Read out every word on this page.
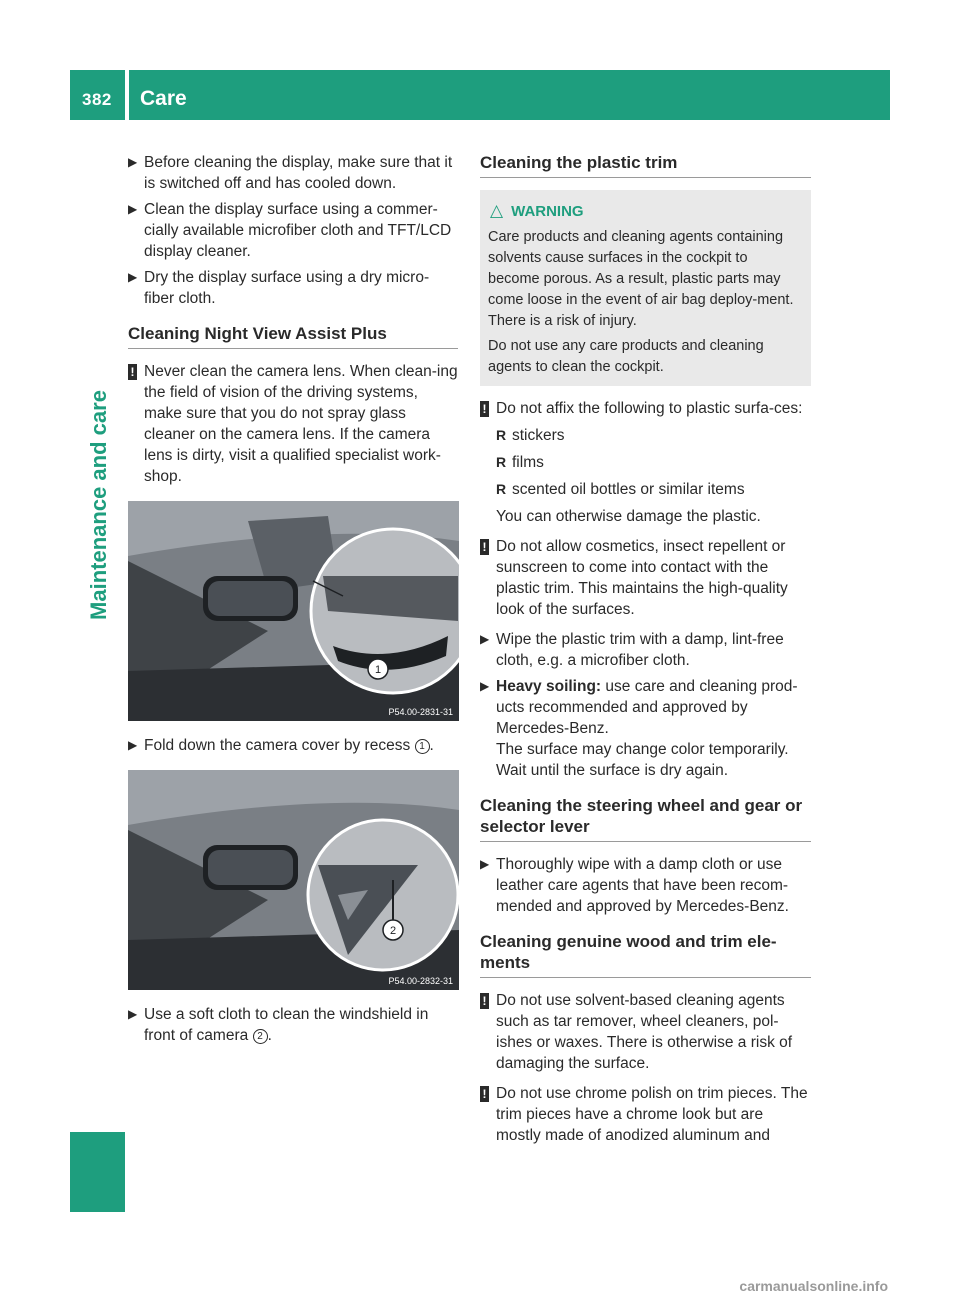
382 Care
Maintenance and care
▶ Before cleaning the display, make sure that it is switched off and has cooled down.
▶ Clean the display surface using a commer-cially available microfiber cloth and TFT/LCD display cleaner.
▶ Dry the display surface using a dry micro-fiber cloth.
Cleaning Night View Assist Plus
! Never clean the camera lens. When clean-ing the field of vision of the driving systems, make sure that you do not spray glass cleaner on the camera lens. If the camera lens is dirty, visit a qualified specialist work-shop.
1
P54.00-2831-31
▶ Fold down the camera cover by recess 1 .
2
P54.00-2832-31
▶ Use a soft cloth to clean the windshield in front of camera 2 .
Cleaning the plastic trim
△ WARNING

Care products and cleaning agents containing solvents cause surfaces in the cockpit to become porous. As a result, plastic parts may come loose in the event of air bag deploy-ment. There is a risk of injury.

Do not use any care products and cleaning agents to clean the cockpit.

! Do not affix the following to plastic surfa-ces:
R stickers
R films
R scented oil bottles or similar items
You can otherwise damage the plastic.
! Do not allow cosmetics, insect repellent or sunscreen to come into contact with the plastic trim. This maintains the high-quality look of the surfaces.
▶ Wipe the plastic trim with a damp, lint-free cloth, e.g. a microfiber cloth.
▶ Heavy soiling: use care and cleaning prod-ucts recommended and approved by Mercedes-Benz.
The surface may change color temporarily. Wait until the surface is dry again.
Cleaning the steering wheel and gear or selector lever
▶ Thoroughly wipe with a damp cloth or use leather care agents that have been recom-mended and approved by Mercedes-Benz.
Cleaning genuine wood and trim ele-ments
! Do not use solvent-based cleaning agents such as tar remover, wheel cleaners, pol-ishes or waxes. There is otherwise a risk of damaging the surface.
! Do not use chrome polish on trim pieces. The trim pieces have a chrome look but are mostly made of anodized aluminum and
carmanualsonline.info
